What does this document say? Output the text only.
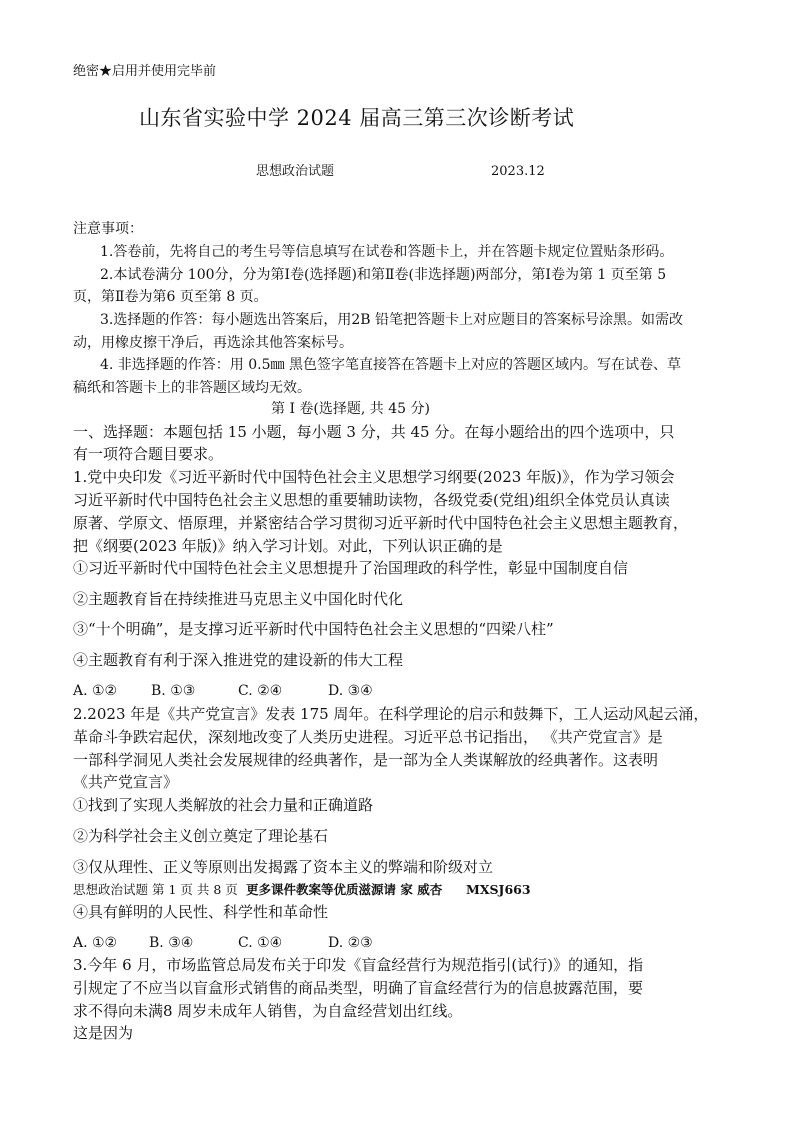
绝密★启用并使用完毕前
山东省实验中学 2024 届高三第三次诊断考试
思想政治试题	2023.12
注意事项：
1.答卷前，先将自己的考生号等信息填写在试卷和答题卡上，并在答题卡规定位置贴条形码。
2.本试卷满分 100分，分为第Ⅰ卷(选择题)和第Ⅱ卷(非选择题)两部分，第Ⅰ卷为第 1 页至第 5
页，第Ⅱ卷为第6 页至第 8 页。
3.选择题的作答：每小题选出答案后，用2B 铅笔把答题卡上对应题目的答案标号涂黑。如需改
动，用橡皮擦干净后，再选涂其他答案标号。
4. 非选择题的作答：用 0.5㎜ 黑色签字笔直接答在答题卡上对应的答题区域内。写在试卷、草
稿纸和答题卡上的非答题区域均无效。
第 Ⅰ 卷(选择题, 共 45 分)
一、选择题：本题包括 15 小题，每小题 3 分，共 45 分。在每小题给出的四个选项中，只
有一项符合题目要求。
1.党中央印发《习近平新时代中国特色社会主义思想学习纲要(2023 年版)》，作为学习领会
习近平新时代中国特色社会主义思想的重要辅助读物，各级党委(党组)组织全体党员认真读
原著、学原文、悟原理，并紧密结合学习贯彻习近平新时代中国特色社会主义思想主题教育，
把《纲要(2023 年版)》纳入学习计划。对此，下列认识正确的是
①习近平新时代中国特色社会主义思想提升了治国理政的科学性，彰显中国制度自信
②主题教育旨在持续推进马克思主义中国化时代化
③“十个明确”，是支撑习近平新时代中国特色社会主义思想的“四梁八柱”
④主题教育有利于深入推进党的建设新的伟大工程
A. ①② B. ①③	C. ②④	D. ③④
2.2023 年是《共产党宣言》发表 175 周年。在科学理论的启示和鼓舞下，工人运动风起云涌，
革命斗争跌宕起伏，深刻地改变了人类历史进程。习近平总书记指出， 《共产党宣言》是
一部科学洞见人类社会发展规律的经典著作，是一部为全人类谋解放的经典著作。这表明
《共产党宣言》
①找到了实现人类解放的社会力量和正确道路
②为科学社会主义创立奠定了理论基石
③仅从理性、正义等原则出发揭露了资本主义的弊端和阶级对立
思想政治试题 第 1 页 共 8 页 更多课件教案等优质滋源请 家 威杏 MXSJ663
④具有鲜明的人民性、科学性和革命性
A. ①② B. ③④	C. ①④	D. ②③
3.今年 6 月，市场监管总局发布关于印发《盲盒经营行为规范指引(试行)》的通知，指
引规定了不应当以盲盒形式销售的商品类型，明确了盲盒经营行为的信息披露范围，要
求不得向未满8 周岁未成年人销售，为自盒经营划出红线。
这是因为
